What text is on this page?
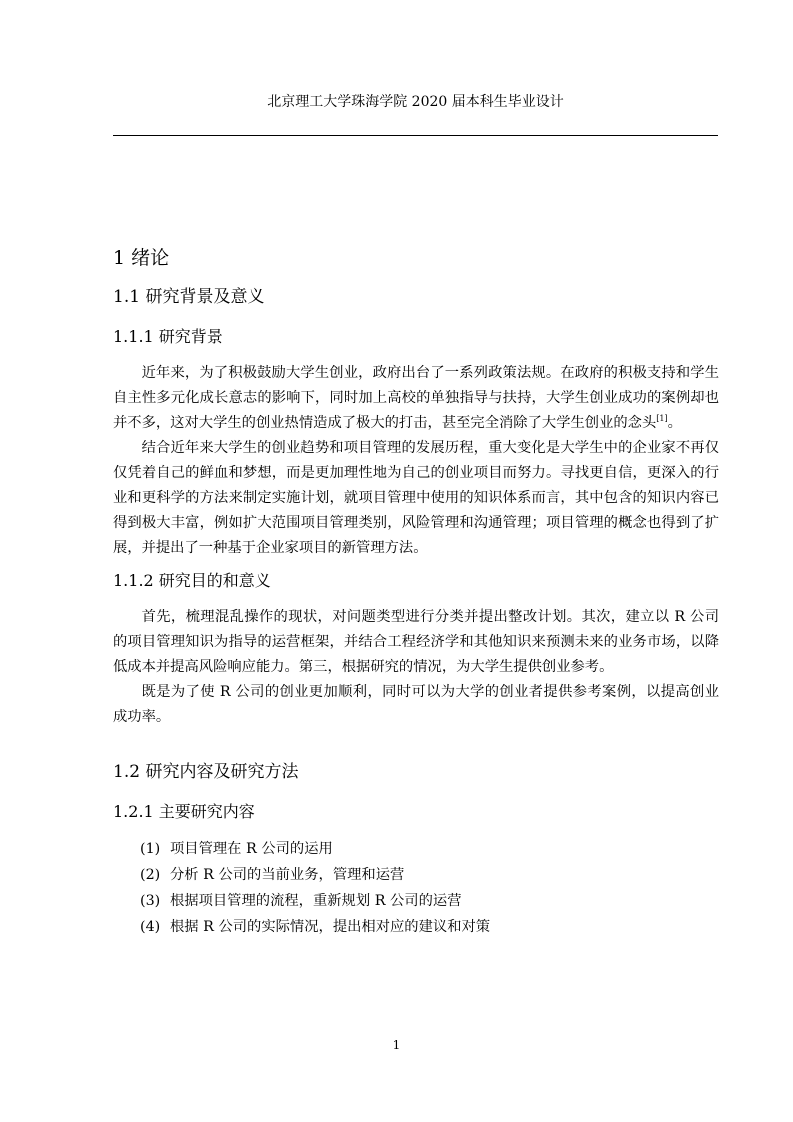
北京理工大学珠海学院 2020 届本科生毕业设计
1 绪论
1.1 研究背景及意义
1.1.1 研究背景

近年来，为了积极鼓励大学生创业，政府出台了一系列政策法规。在政府的积极支持和学生自主性多元化成长意志的影响下，同时加上高校的单独指导与扶持，大学生创业成功的案例却也并不多，这对大学生的创业热情造成了极大的打击，甚至完全消除了大学生创业的念头[1]。

结合近年来大学生的创业趋势和项目管理的发展历程，重大变化是大学生中的企业家不再仅仅凭着自己的鲜血和梦想，而是更加理性地为自己的创业项目而努力。寻找更自信，更深入的行业和更科学的方法来制定实施计划，就项目管理中使用的知识体系而言，其中包含的知识内容已得到极大丰富，例如扩大范围项目管理类别，风险管理和沟通管理；项目管理的概念也得到了扩展，并提出了一种基于企业家项目的新管理方法。

1.1.2 研究目的和意义

首先，梳理混乱操作的现状，对问题类型进行分类并提出整改计划。其次，建立以 R 公司的项目管理知识为指导的运营框架，并结合工程经济学和其他知识来预测未来的业务市场，以降低成本并提高风险响应能力。第三，根据研究的情况，为大学生提供创业参考。

既是为了使 R 公司的创业更加顺利，同时可以为大学的创业者提供参考案例，以提高创业成功率。

1.2 研究内容及研究方法
1.2.1 主要研究内容
(1) 项目管理在 R 公司的运用
(2) 分析 R 公司的当前业务，管理和运营
(3) 根据项目管理的流程，重新规划 R 公司的运营
(4) 根据 R 公司的实际情况，提出相对应的建议和对策
1
